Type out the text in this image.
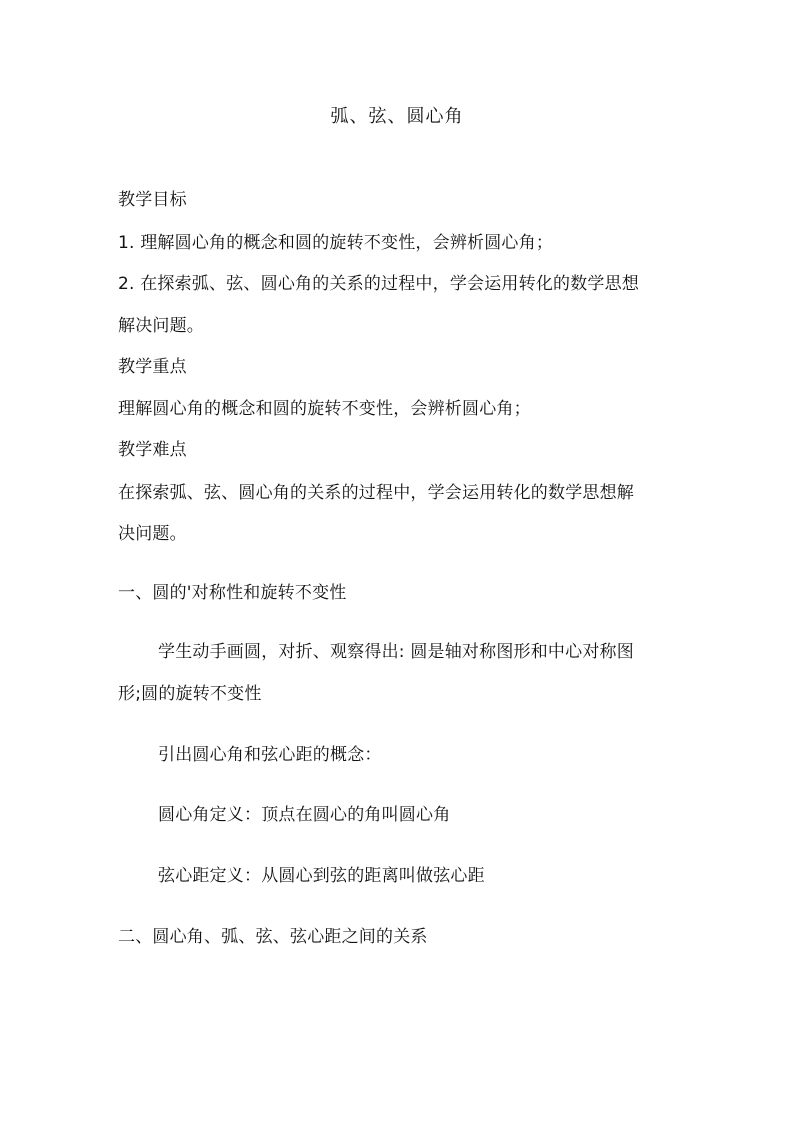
弧、弦、圆心角
教学目标
1. 理解圆心角的概念和圆的旋转不变性，会辨析圆心角；
2. 在探索弧、弦、圆心角的关系的过程中，学会运用转化的数学思想
解决问题。
教学重点
理解圆心角的概念和圆的旋转不变性，会辨析圆心角；
教学难点
在探索弧、弦、圆心角的关系的过程中，学会运用转化的数学思想解
决问题。
一、圆的'对称性和旋转不变性
学生动手画圆，对折、观察得出: 圆是轴对称图形和中心对称图
形;圆的旋转不变性
引出圆心角和弦心距的概念：
圆心角定义：顶点在圆心的角叫圆心角
弦心距定义：从圆心到弦的距离叫做弦心距
二、圆心角、弧、弦、弦心距之间的关系
